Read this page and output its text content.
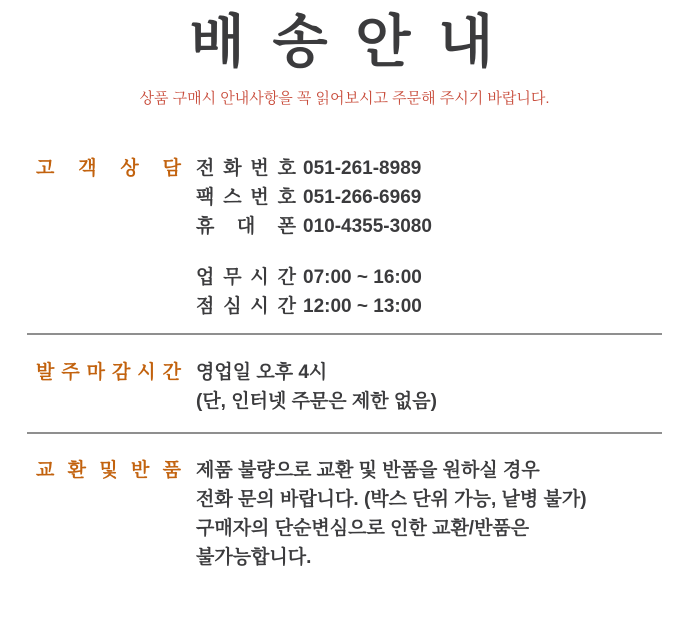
배 송 안 내

상품 구매시 안내사항을 꼭 읽어보시고 주문해 주시기 바랍니다.

고 객 상 담 전 화 번 호 051-261-8989
팩 스 번 호 051-266-6969
휴 대 폰 010-4355-3080
업 무 시 간 07:00 ~ 16:00
점 심 시 간 12:00 ~ 13:00
발 주 마 감 시 간 영업일 오후 4시
(단, 인터넷 주문은 제한 없음)
교 환 및 반 품 제품 불량으로 교환 및 반품을 원하실 경우
전화 문의 바랍니다. (박스 단위 가능, 낱병 불가)
구매자의 단순변심으로 인한 교환/반품은
불가능합니다.
